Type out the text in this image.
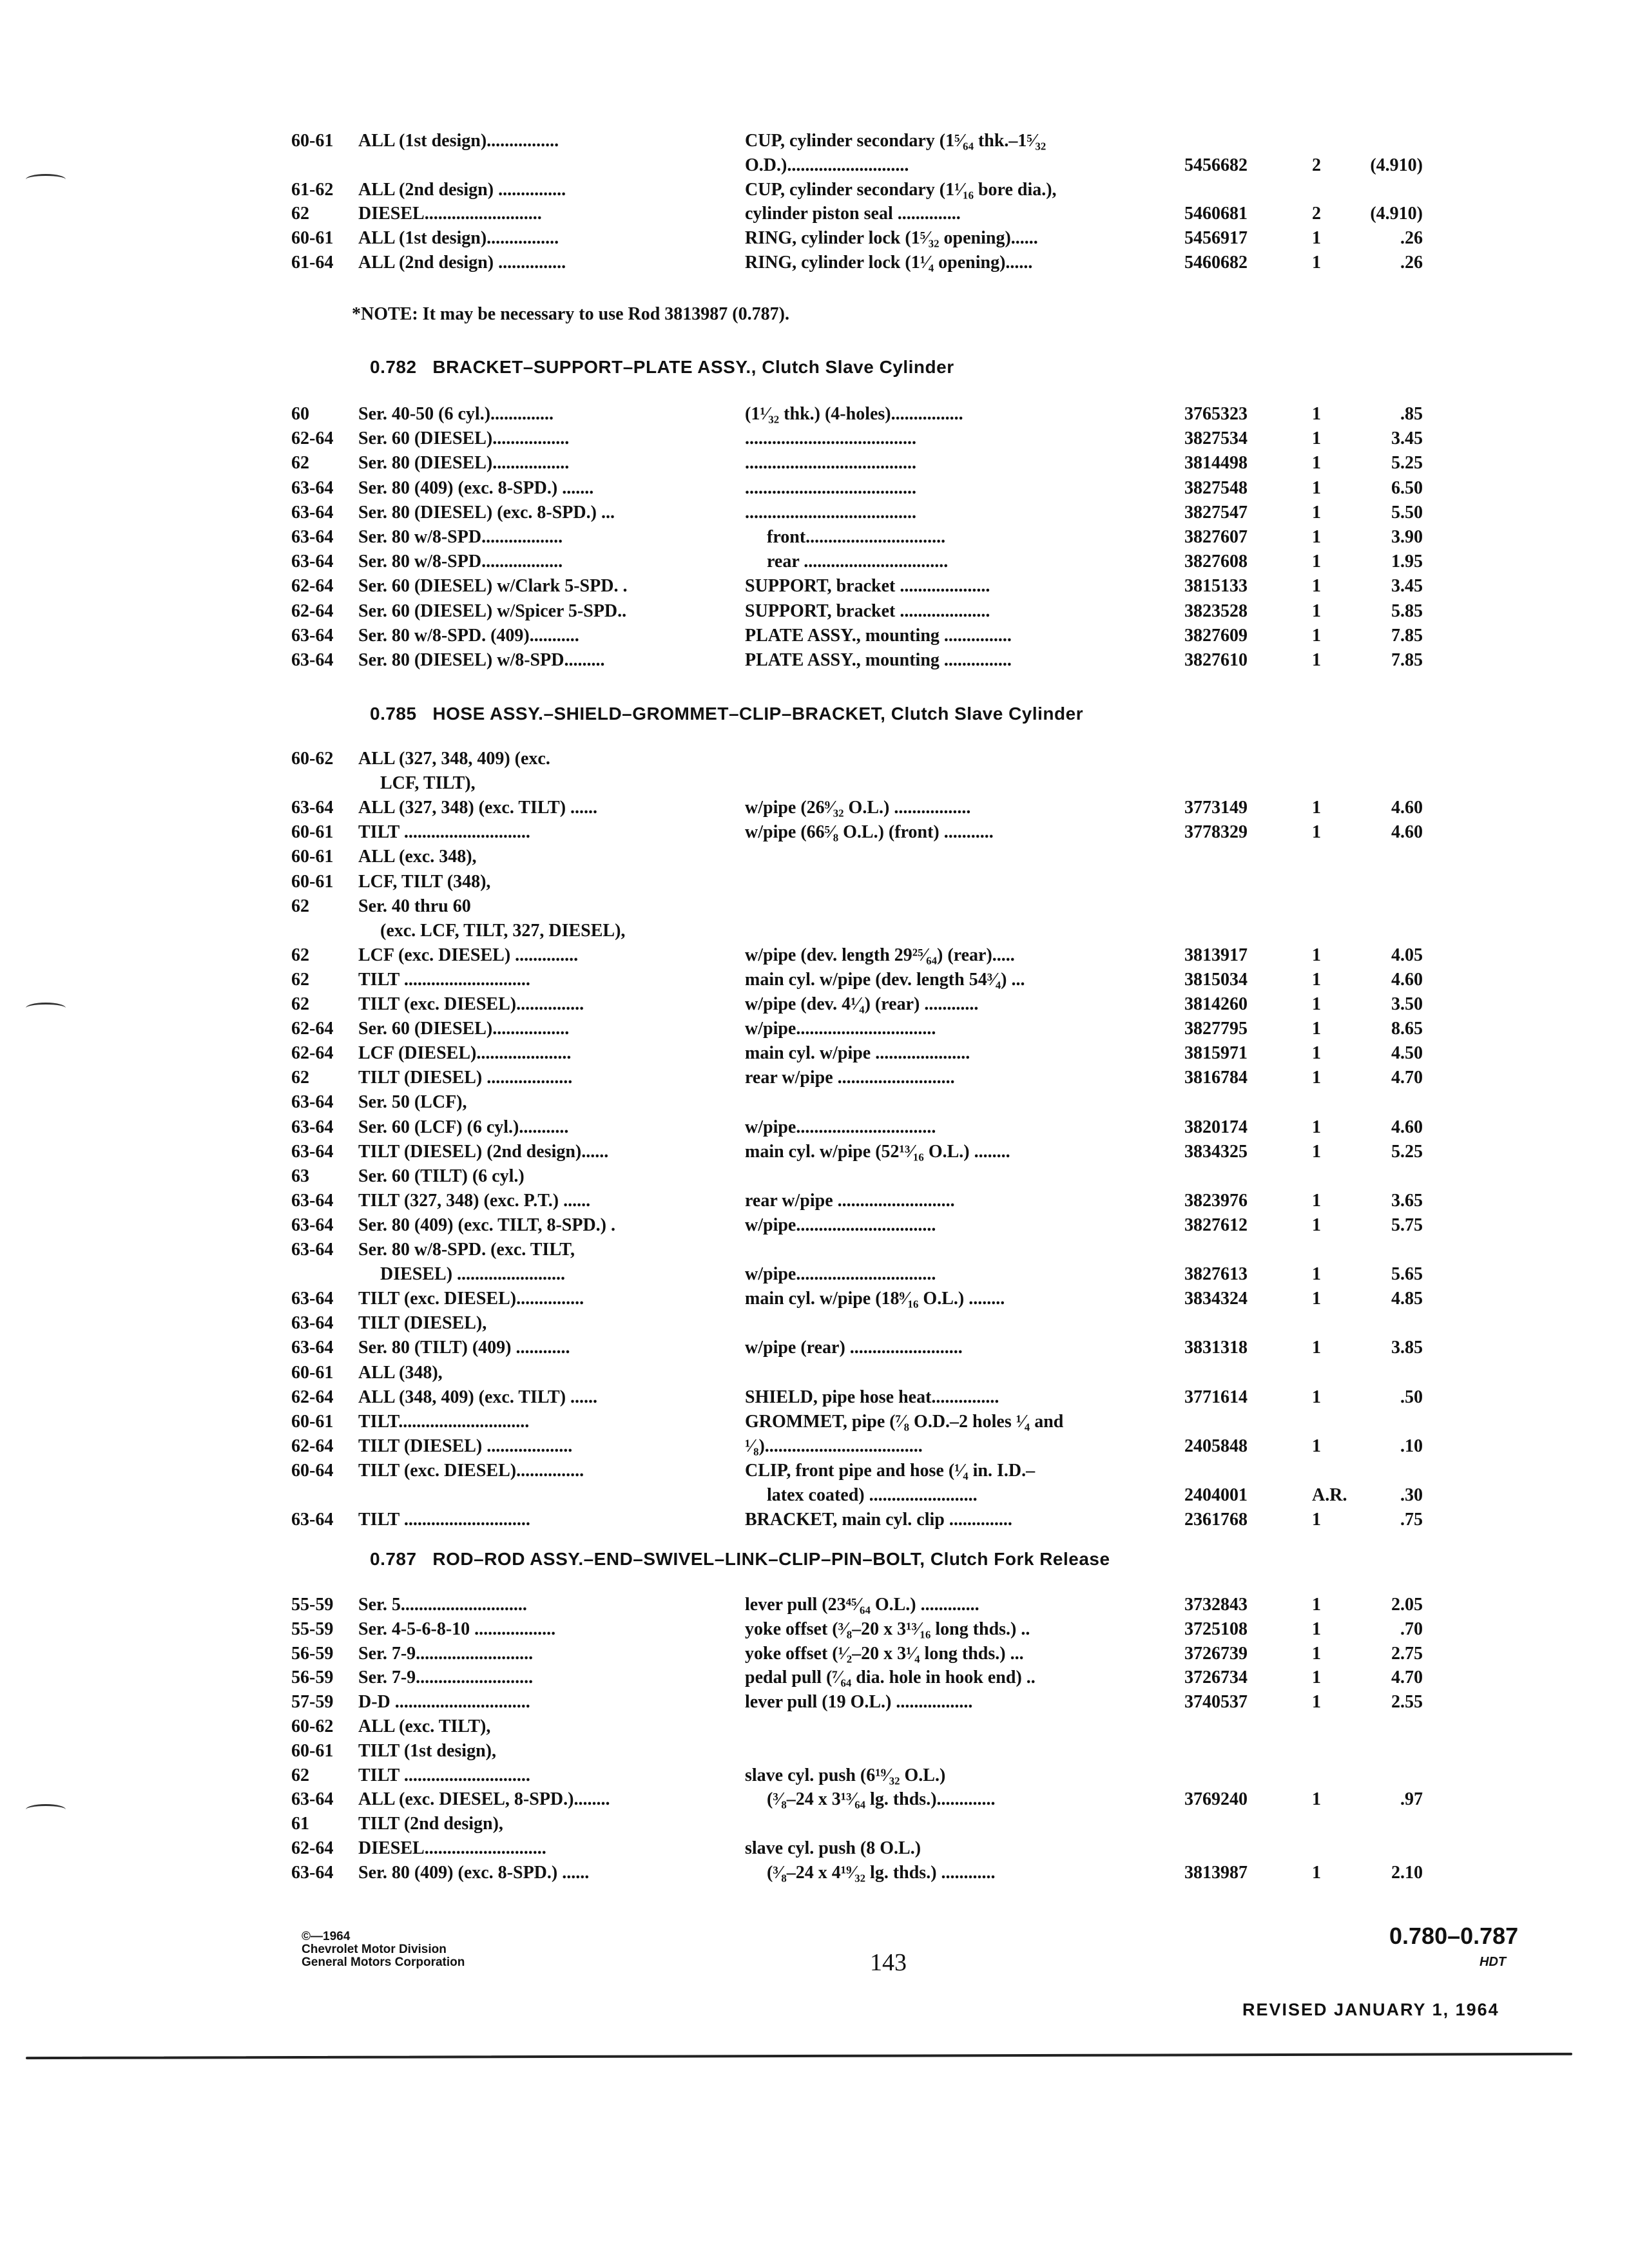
60-61 ALL (1st design)................	CUP, cylinder secondary (1⁵⁄₆₄ thk.–1⁵⁄₃₂
O.D.)...........................	5456682	2	(4.910)
61-62 ALL (2nd design) ...............	CUP, cylinder secondary (1¹⁄₁₆ bore dia.),
62	DIESEL..........................	cylinder piston seal ..............	5460681	2	(4.910)
60-61 ALL (1st design)................	RING, cylinder lock (1⁵⁄₃₂ opening)......	5456917	1	.26
61-64 ALL (2nd design) ...............	RING, cylinder lock (1¹⁄₄ opening)......	5460682	1	.26
*NOTE: It may be necessary to use Rod 3813987 (0.787).
0.782 BRACKET–SUPPORT–PLATE ASSY., Clutch Slave Cylinder
60	Ser. 40-50 (6 cyl.)..............	(1¹⁄₃₂ thk.) (4-holes)................	3765323	1	.85
62-64 Ser. 60 (DIESEL).................	......................................	3827534	1	3.45
62	Ser. 80 (DIESEL).................	......................................	3814498	1	5.25
63-64 Ser. 80 (409) (exc. 8-SPD.) .......	......................................	3827548	1	6.50
63-64 Ser. 80 (DIESEL) (exc. 8-SPD.) ...	......................................	3827547	1	5.50
63-64 Ser. 80 w/8-SPD..................	front...............................	3827607	1	3.90
63-64 Ser. 80 w/8-SPD..................	rear ................................	3827608	1	1.95
62-64 Ser. 60 (DIESEL) w/Clark 5-SPD. .	SUPPORT, bracket ....................	3815133	1	3.45
62-64 Ser. 60 (DIESEL) w/Spicer 5-SPD..	SUPPORT, bracket ....................	3823528	1	5.85
63-64 Ser. 80 w/8-SPD. (409)...........	PLATE ASSY., mounting ...............	3827609	1	7.85
63-64 Ser. 80 (DIESEL) w/8-SPD.........	PLATE ASSY., mounting ...............	3827610	1	7.85
0.785 HOSE ASSY.–SHIELD–GROMMET–CLIP–BRACKET, Clutch Slave Cylinder
60-62 ALL (327, 348, 409) (exc.
LCF, TILT),
63-64 ALL (327, 348) (exc. TILT) ......	w/pipe (26⁹⁄₃₂ O.L.) .................	3773149	1	4.60
60-61 TILT ............................	w/pipe (66⁵⁄₈ O.L.) (front) ...........	3778329	1	4.60
60-61 ALL (exc. 348),
60-61 LCF, TILT (348),
62	Ser. 40 thru 60
(exc. LCF, TILT, 327, DIESEL),
62	LCF (exc. DIESEL) ..............	w/pipe (dev. length 29²⁵⁄₆₄) (rear).....	3813917	1	4.05
62	TILT ............................	main cyl. w/pipe (dev. length 54³⁄₄) ...	3815034	1	4.60
62	TILT (exc. DIESEL)...............	w/pipe (dev. 4¹⁄₄) (rear) ............	3814260	1	3.50
62-64 Ser. 60 (DIESEL).................	w/pipe...............................	3827795	1	8.65
62-64 LCF (DIESEL).....................	main cyl. w/pipe .....................	3815971	1	4.50
62	TILT (DIESEL) ...................	rear w/pipe ..........................	3816784	1	4.70
63-64 Ser. 50 (LCF),
63-64 Ser. 60 (LCF) (6 cyl.)...........	w/pipe...............................	3820174	1	4.60
63-64 TILT (DIESEL) (2nd design)......	main cyl. w/pipe (52¹³⁄₁₆ O.L.) ........	3834325	1	5.25
63	Ser. 60 (TILT) (6 cyl.)
63-64 TILT (327, 348) (exc. P.T.) ......	rear w/pipe ..........................	3823976	1	3.65
63-64 Ser. 80 (409) (exc. TILT, 8-SPD.) .	w/pipe...............................	3827612	1	5.75
63-64 Ser. 80 w/8-SPD. (exc. TILT,
DIESEL) ........................	w/pipe...............................	3827613	1	5.65
63-64 TILT (exc. DIESEL)...............	main cyl. w/pipe (18⁹⁄₁₆ O.L.) ........	3834324	1	4.85
63-64 TILT (DIESEL),
63-64 Ser. 80 (TILT) (409) ............	w/pipe (rear) .........................	3831318	1	3.85
60-61 ALL (348),
62-64 ALL (348, 409) (exc. TILT) ......	SHIELD, pipe hose heat...............	3771614	1	.50
60-61 TILT.............................	GROMMET, pipe (⁷⁄₈ O.D.–2 holes ¹⁄₄ and
62-64 TILT (DIESEL) ...................	¹⁄₈)...................................	2405848	1	.10
60-64 TILT (exc. DIESEL)...............	CLIP, front pipe and hose (¹⁄₄ in. I.D.–
latex coated) ........................	2404001	A.R.	.30
63-64 TILT ............................	BRACKET, main cyl. clip ..............	2361768	1	.75
0.787 ROD–ROD ASSY.–END–SWIVEL–LINK–CLIP–PIN–BOLT, Clutch Fork Release
55-59 Ser. 5............................	lever pull (23⁴⁵⁄₆₄ O.L.) .............	3732843	1	2.05
55-59 Ser. 4-5-6-8-10 ..................	yoke offset (³⁄₈–20 x 3¹³⁄₁₆ long thds.) ..	3725108	1	.70
56-59 Ser. 7-9..........................	yoke offset (¹⁄₂–20 x 3¹⁄₄ long thds.) ...	3726739	1	2.75
56-59 Ser. 7-9..........................	pedal pull (⁷⁄₆₄ dia. hole in hook end) ..	3726734	1	4.70
57-59 D-D ..............................	lever pull (19 O.L.) .................	3740537	1	2.55
60-62 ALL (exc. TILT),
60-61 TILT (1st design),
62	TILT ............................	slave cyl. push (6¹⁹⁄₃₂ O.L.)
63-64 ALL (exc. DIESEL, 8-SPD.)........	(³⁄₈–24 x 3¹³⁄₆₄ lg. thds.).............	3769240	1	.97
61	TILT (2nd design),
62-64 DIESEL...........................	slave cyl. push (8 O.L.)
63-64 Ser. 80 (409) (exc. 8-SPD.) ......	(³⁄₈–24 x 4¹⁹⁄₃₂ lg. thds.) ............	3813987	1	2.10
©—1964
Chevrolet Motor Division
General Motors Corporation	143
0.780–0.787
HDT
REVISED JANUARY 1, 1964
